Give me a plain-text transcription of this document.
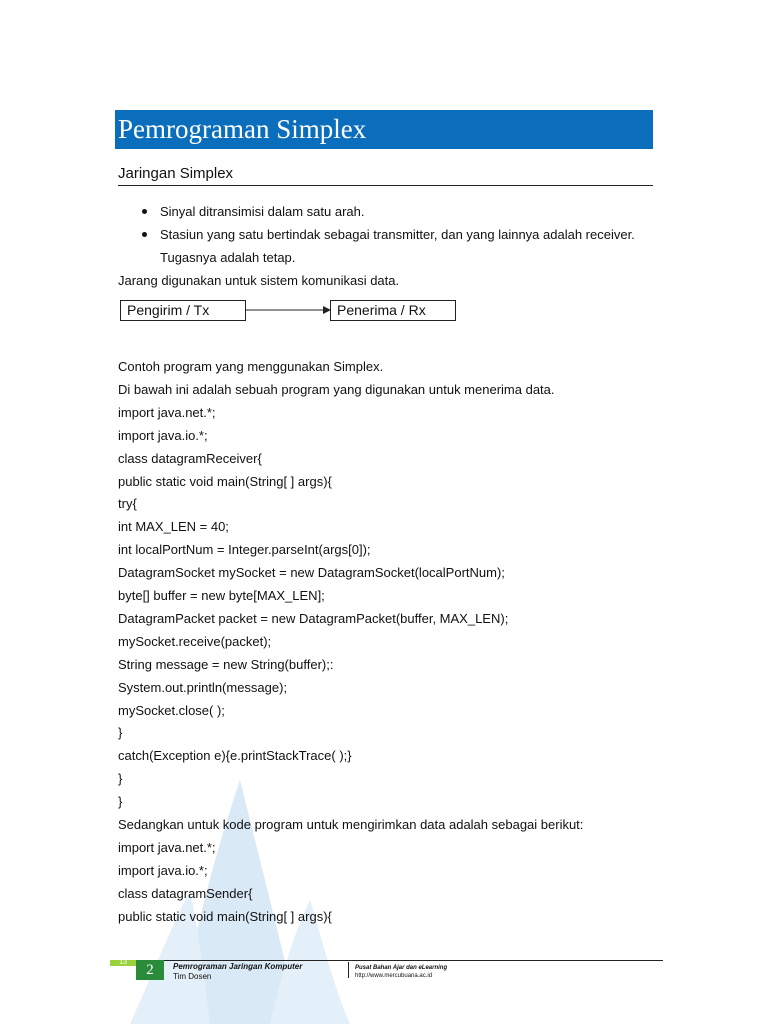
Pemrograman Simplex
Jaringan Simplex
Sinyal ditransimisi dalam satu arah.
Stasiun yang satu bertindak sebagai transmitter, dan yang lainnya adalah receiver. Tugasnya adalah tetap.
Jarang digunakan untuk sistem komunikasi data.
Pengirim / Tx	Penerima / Rx
Contoh program yang menggunakan Simplex.
Di bawah ini adalah sebuah program yang digunakan untuk menerima data.
import java.net.*;
import java.io.*;
class datagramReceiver{
public static void main(String[ ] args){
try{
int MAX_LEN = 40;
int localPortNum = Integer.parseInt(args[0]);
DatagramSocket mySocket = new DatagramSocket(localPortNum);
byte[] buffer = new byte[MAX_LEN];
DatagramPacket packet = new DatagramPacket(buffer, MAX_LEN);
mySocket.receive(packet);
String message = new String(buffer);:
System.out.println(message);
mySocket.close( );
}
catch(Exception e){e.printStackTrace( );}
}
}
Sedangkan untuk kode program untuk mengirimkan data adalah sebagai berikut:
import java.net.*;
import java.io.*;
class datagramSender{
public static void main(String[ ] args){
13	2	Pemrograman Jaringan Komputer
Tim Dosen
Pusat Bahan Ajar dan eLearning
http://www.mercubuana.ac.id
